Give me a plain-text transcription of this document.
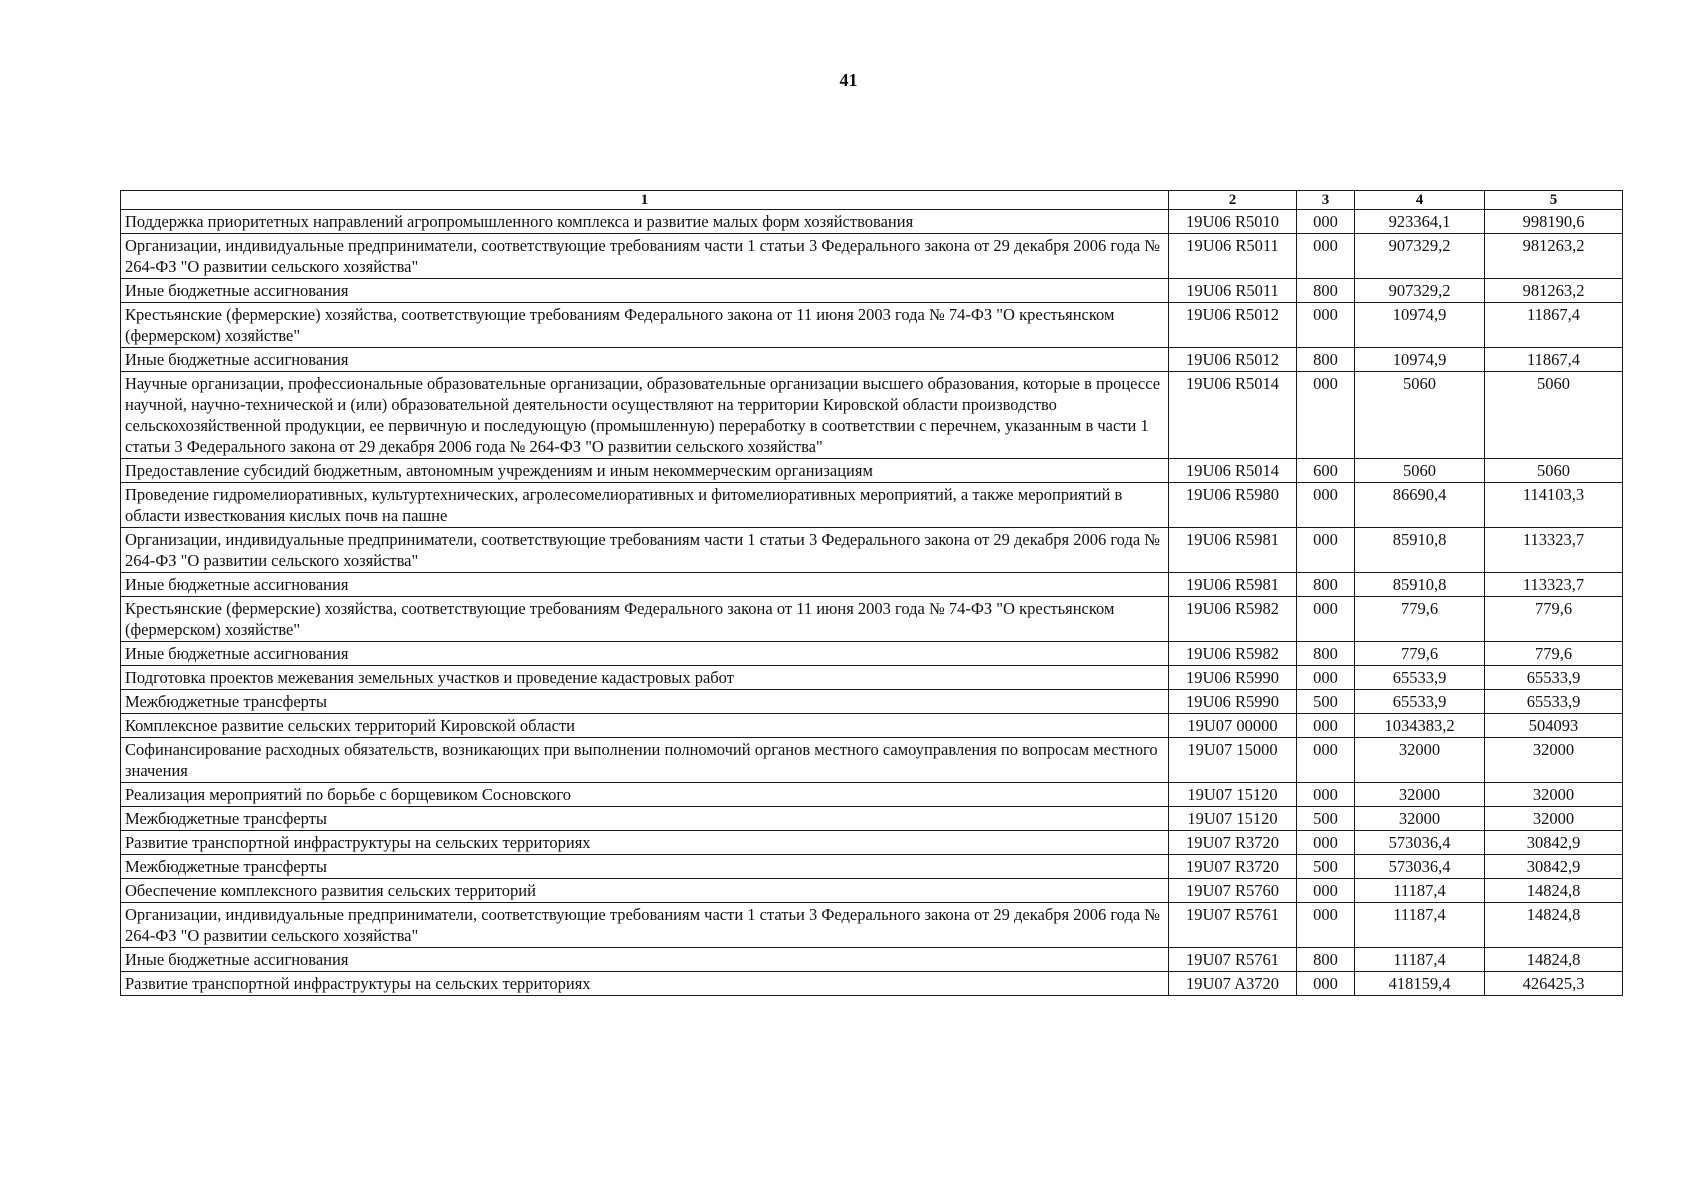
41
1	2	3	4	5
Поддержка приоритетных направлений агропромышленного комплекса и развитие малых форм хозяйствования	19U06 R5010	000	923364,1	998190,6
Организации, индивидуальные предприниматели, соответствующие требованиям части 1 статьи 3 Федерального закона от 29 декабря 2006 года № 264-ФЗ "О развитии сельского хозяйства"	19U06 R5011	000	907329,2	981263,2
Иные бюджетные ассигнования	19U06 R5011	800	907329,2	981263,2
Крестьянские (фермерские) хозяйства, соответствующие требованиям Федерального закона от 11 июня 2003 года № 74-ФЗ "О крестьянском (фермерском) хозяйстве"	19U06 R5012	000	10974,9	11867,4
Иные бюджетные ассигнования	19U06 R5012	800	10974,9	11867,4
Научные организации, профессиональные образовательные организации, образовательные организации высшего образования, которые в процессе научной, научно-технической и (или) образовательной деятельности осуществляют на территории Кировской области производство сельскохозяйственной продукции, ее первичную и последующую (промышленную) переработку в соответствии с перечнем, указанным в части 1 статьи 3 Федерального закона от 29 декабря 2006 года № 264-ФЗ "О развитии сельского хозяйства"	19U06 R5014	000	5060	5060
Предоставление субсидий бюджетным, автономным учреждениям и иным некоммерческим организациям	19U06 R5014	600	5060	5060
Проведение гидромелиоративных, культуртехнических, агролесомелиоративных и фитомелиоративных мероприятий, а также мероприятий в области известкования кислых почв на пашне	19U06 R5980	000	86690,4	114103,3
Организации, индивидуальные предприниматели, соответствующие требованиям части 1 статьи 3 Федерального закона от 29 декабря 2006 года № 264-ФЗ "О развитии сельского хозяйства"	19U06 R5981	000	85910,8	113323,7
Иные бюджетные ассигнования	19U06 R5981	800	85910,8	113323,7
Крестьянские (фермерские) хозяйства, соответствующие требованиям Федерального закона от 11 июня 2003 года № 74-ФЗ "О крестьянском (фермерском) хозяйстве"	19U06 R5982	000	779,6	779,6
Иные бюджетные ассигнования	19U06 R5982	800	779,6	779,6
Подготовка проектов межевания земельных участков и проведение кадастровых работ	19U06 R5990	000	65533,9	65533,9
Межбюджетные трансферты	19U06 R5990	500	65533,9	65533,9
Комплексное развитие сельских территорий Кировской области	19U07 00000	000	1034383,2	504093
Софинансирование расходных обязательств, возникающих при выполнении полномочий органов местного самоуправления по вопросам местного значения	19U07 15000	000	32000	32000
Реализация мероприятий по борьбе с борщевиком Сосновского	19U07 15120	000	32000	32000
Межбюджетные трансферты	19U07 15120	500	32000	32000
Развитие транспортной инфраструктуры на сельских территориях	19U07 R3720	000	573036,4	30842,9
Межбюджетные трансферты	19U07 R3720	500	573036,4	30842,9
Обеспечение комплексного развития сельских территорий	19U07 R5760	000	11187,4	14824,8
Организации, индивидуальные предприниматели, соответствующие требованиям части 1 статьи 3 Федерального закона от 29 декабря 2006 года № 264-ФЗ "О развитии сельского хозяйства"	19U07 R5761	000	11187,4	14824,8
Иные бюджетные ассигнования	19U07 R5761	800	11187,4	14824,8
Развитие транспортной инфраструктуры на сельских территориях	19U07 A3720	000	418159,4	426425,3
